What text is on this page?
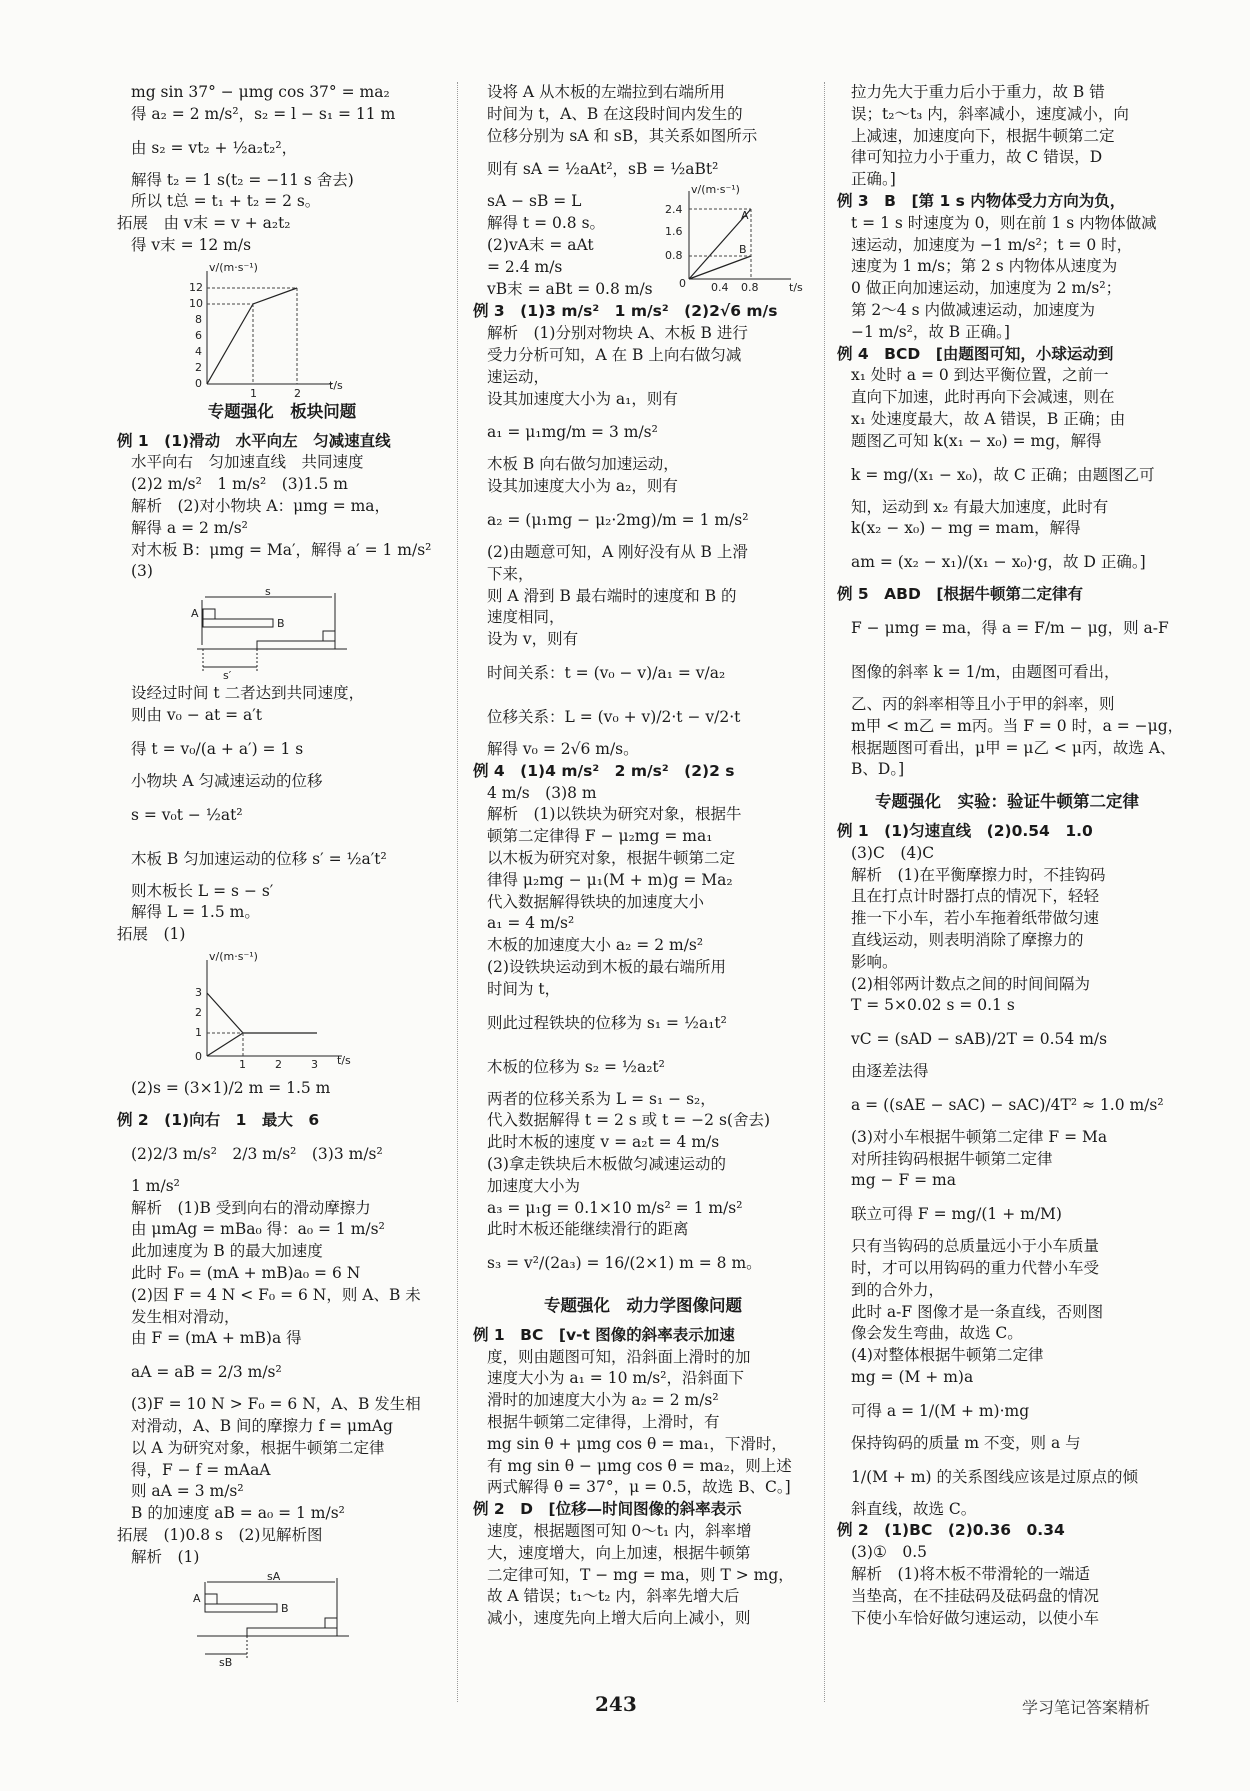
mg sin 37° − μmg cos 37° = ma₂
得 a₂ = 2 m/s²，s₂ = l − s₁ = 11 m
由 s₂ = vt₂ + ½a₂t₂²，
解得 t₂ = 1 s(t₂ = −11 s 舍去)
所以 t总 = t₁ + t₂ = 2 s。
拓展　由 v末 = v + a₂t₂
得 v末 = 12 m/s
v/(m·s⁻¹)
t/s
12
10
8
6
4
2
0
1	2
专题强化　板块问题
例 1　(1)滑动　水平向左　匀减速直线
水平向右　匀加速直线　共同速度
(2)2 m/s²　1 m/s²　(3)1.5 m
解析　(2)对小物块 A：μmg = ma，
解得 a = 2 m/s²
对木板 B：μmg = Ma′，解得 a′ = 1 m/s²
(3)
s
A
B
s′
设经过时间 t 二者达到共同速度，
则由 v₀ − at = a′t
得 t = v₀/(a + a′) = 1 s
小物块 A 匀减速运动的位移
s = v₀t − ½at²
木板 B 匀加速运动的位移 s′ = ½a′t²
则木板长 L = s − s′
解得 L = 1.5 m。
拓展　(1)
v/(m·s⁻¹)
t/s
3
2
1
0
1	2	3
(2)s = (3×1)/2 m = 1.5 m
例 2　(1)向右　1　最大　6
(2)2/3 m/s²　2/3 m/s²　(3)3 m/s²
1 m/s²
解析　(1)B 受到向右的滑动摩擦力
由 μmAg = mBa₀ 得：a₀ = 1 m/s²
此加速度为 B 的最大加速度
此时 F₀ = (mA + mB)a₀ = 6 N
(2)因 F = 4 N < F₀ = 6 N，则 A、B 未
发生相对滑动，
由 F = (mA + mB)a 得
aA = aB = 2/3 m/s²
(3)F = 10 N > F₀ = 6 N，A、B 发生相
对滑动，A、B 间的摩擦力 f = μmAg
以 A 为研究对象，根据牛顿第二定律
得，F − f = mAaA
则 aA = 3 m/s²
B 的加速度 aB = a₀ = 1 m/s²
拓展　(1)0.8 s　(2)见解析图
解析　(1)
sA
A
B
sB
设将 A 从木板的左端拉到右端所用
时间为 t，A、B 在这段时间内发生的
位移分别为 sA 和 sB，其关系如图所示
则有 sA = ½aAt²，sB = ½aBt²
sA − sB = L
解得 t = 0.8 s。
(2)vA末 = aAt
= 2.4 m/s
vB末 = aBt = 0.8 m/s
v/(m·s⁻¹)
t/s
2.4
1.6
0.8
0 0.4 0.8
A
B
例 3　(1)3 m/s²　1 m/s²　(2)2√6 m/s
解析　(1)分别对物块 A、木板 B 进行
受力分析可知，A 在 B 上向右做匀减
速运动，
设其加速度大小为 a₁，则有
a₁ = μ₁mg/m = 3 m/s²
木板 B 向右做匀加速运动，
设其加速度大小为 a₂，则有
a₂ = (μ₁mg − μ₂·2mg)/m = 1 m/s²
(2)由题意可知，A 刚好没有从 B 上滑
下来，
则 A 滑到 B 最右端时的速度和 B 的
速度相同，
设为 v，则有
时间关系：t = (v₀ − v)/a₁ = v/a₂
位移关系：L = (v₀ + v)/2·t − v/2·t
解得 v₀ = 2√6 m/s。
例 4　(1)4 m/s²　2 m/s²　(2)2 s
4 m/s　(3)8 m
解析　(1)以铁块为研究对象，根据牛
顿第二定律得 F − μ₂mg = ma₁
以木板为研究对象，根据牛顿第二定
律得 μ₂mg − μ₁(M + m)g = Ma₂
代入数据解得铁块的加速度大小
a₁ = 4 m/s²
木板的加速度大小 a₂ = 2 m/s²
(2)设铁块运动到木板的最右端所用
时间为 t，
则此过程铁块的位移为 s₁ = ½a₁t²
木板的位移为 s₂ = ½a₂t²
两者的位移关系为 L = s₁ − s₂，
代入数据解得 t = 2 s 或 t = −2 s(舍去)
此时木板的速度 v = a₂t = 4 m/s
(3)拿走铁块后木板做匀减速运动的
加速度大小为
a₃ = μ₁g = 0.1×10 m/s² = 1 m/s²
此时木板还能继续滑行的距离
s₃ = v²/(2a₃) = 16/(2×1) m = 8 m。
专题强化　动力学图像问题
例 1　BC　[v-t 图像的斜率表示加速
度，则由题图可知，沿斜面上滑时的加
速度大小为 a₁ = 10 m/s²，沿斜面下
滑时的加速度大小为 a₂ = 2 m/s²
根据牛顿第二定律得，上滑时，有
mg sin θ + μmg cos θ = ma₁，下滑时，
有 mg sin θ − μmg cos θ = ma₂，则上述
两式解得 θ = 37°，μ = 0.5，故选 B、C。]
例 2　D　[位移—时间图像的斜率表示
速度，根据题图可知 0～t₁ 内，斜率增
大，速度增大，向上加速，根据牛顿第
二定律可知，T − mg = ma，则 T > mg，
故 A 错误；t₁～t₂ 内，斜率先增大后
减小，速度先向上增大后向上减小，则
拉力先大于重力后小于重力，故 B 错
误；t₂～t₃ 内，斜率减小，速度减小，向
上减速，加速度向下，根据牛顿第二定
律可知拉力小于重力，故 C 错误，D
正确。]
例 3　B　[第 1 s 内物体受力方向为负，
t = 1 s 时速度为 0，则在前 1 s 内物体做减
速运动，加速度为 −1 m/s²；t = 0 时，
速度为 1 m/s；第 2 s 内物体从速度为
0 做正向加速运动，加速度为 2 m/s²；
第 2～4 s 内做减速运动，加速度为
−1 m/s²，故 B 正确。]
例 4　BCD　[由题图可知，小球运动到
x₁ 处时 a = 0 到达平衡位置，之前一
直向下加速，此时再向下会减速，则在
x₁ 处速度最大，故 A 错误，B 正确；由
题图乙可知 k(x₁ − x₀) = mg，解得
k = mg/(x₁ − x₀)，故 C 正确；由题图乙可
知，运动到 x₂ 有最大加速度，此时有
k(x₂ − x₀) − mg = mam，解得
am = (x₂ − x₁)/(x₁ − x₀)·g，故 D 正确。]
例 5　ABD　[根据牛顿第二定律有
F − μmg = ma，得 a = F/m − μg，则 a-F
图像的斜率 k = 1/m，由题图可看出，
乙、丙的斜率相等且小于甲的斜率，则
m甲 < m乙 = m丙。当 F = 0 时，a = −μg，
根据题图可看出，μ甲 = μ乙 < μ丙，故选 A、
B、D。]
专题强化　实验：验证牛顿第二定律
例 1　(1)匀速直线　(2)0.54　1.0
(3)C　(4)C
解析　(1)在平衡摩擦力时，不挂钩码
且在打点计时器打点的情况下，轻轻
推一下小车，若小车拖着纸带做匀速
直线运动，则表明消除了摩擦力的
影响。
(2)相邻两计数点之间的时间间隔为
T = 5×0.02 s = 0.1 s
vC = (sAD − sAB)/2T = 0.54 m/s
由逐差法得
a = ((sAE − sAC) − sAC)/4T² ≈ 1.0 m/s²
(3)对小车根据牛顿第二定律 F = Ma
对所挂钩码根据牛顿第二定律
mg − F = ma
联立可得 F = mg/(1 + m/M)
只有当钩码的总质量远小于小车质量
时，才可以用钩码的重力代替小车受
到的合外力，
此时 a-F 图像才是一条直线，否则图
像会发生弯曲，故选 C。
(4)对整体根据牛顿第二定律
mg = (M + m)a
可得 a = 1/(M + m)·mg
保持钩码的质量 m 不变，则 a 与
1/(M + m) 的关系图线应该是过原点的倾
斜直线，故选 C。
例 2　(1)BC　(2)0.36　0.34
(3)①　0.5
解析　(1)将木板不带滑轮的一端适
当垫高，在不挂砝码及砝码盘的情况
下使小车恰好做匀速运动，以使小车
243	学习笔记答案精析
